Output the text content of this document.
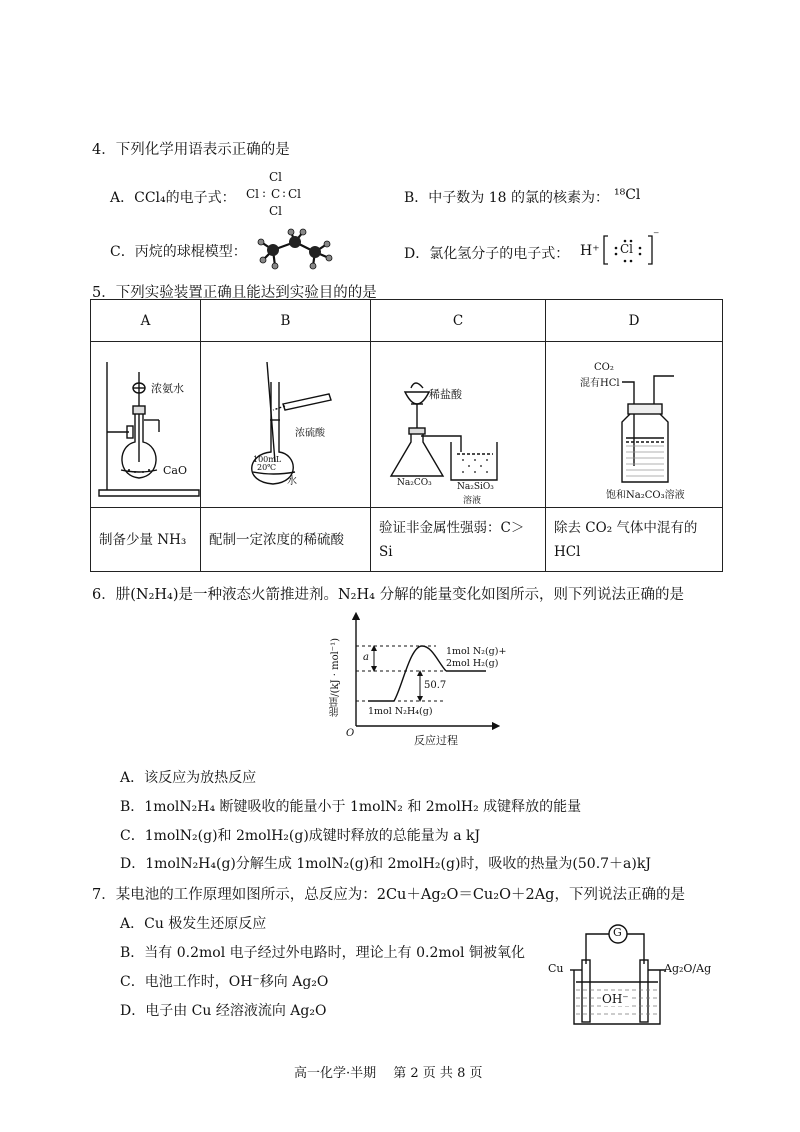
4．下列化学用语表示正确的是
A．CCl₄的电子式：
Cl
Cl : C : Cl
Cl
B．中子数为 18 的氯的核素为： ¹⁸Cl
C．丙烷的球棍模型：	D．氯化氢分子的电子式： H⁺ Cl
⁻
5．下列实验装置正确且能达到实验目的的是
A	B	C	D

浓氨水
CaO	浓硫酸
100mL
20℃
水	稀盐酸
Na₂CO₃ Na₂SiO₃
溶液	CO₂
混有HCl
饱和Na₂CO₃溶液

制备少量 NH₃	配制一定浓度的稀硫酸	验证非金属性强弱：C＞Si	除去 CO₂ 气体中混有的 HCl
6．肼(N₂H₄)是一种液态火箭推进剂。N₂H₄ 分解的能量变化如图所示，则下列说法正确的是
能量/(kJ · mol⁻¹)
O
反应过程
a
50.7
1mol N₂H₄(g)
1mol N₂(g)+
2mol H₂(g)
A．该反应为放热反应
B．1molN₂H₄ 断键吸收的能量小于 1molN₂ 和 2molH₂ 成键释放的能量
C．1molN₂(g)和 2molH₂(g)成键时释放的总能量为 a kJ
D．1molN₂H₄(g)分解生成 1molN₂(g)和 2molH₂(g)时，吸收的热量为(50.7＋a)kJ
7．某电池的工作原理如图所示，总反应为：2Cu＋Ag₂O＝Cu₂O＋2Ag，下列说法正确的是
A．Cu 极发生还原反应
B．当有 0.2mol 电子经过外电路时，理论上有 0.2mol 铜被氧化
C．电池工作时，OH⁻移向 Ag₂O
D．电子由 Cu 经溶液流向 Ag₂O
G
Cu	Ag₂O/Ag
OH⁻
高一化学·半期　 第 2 页 共 8 页
